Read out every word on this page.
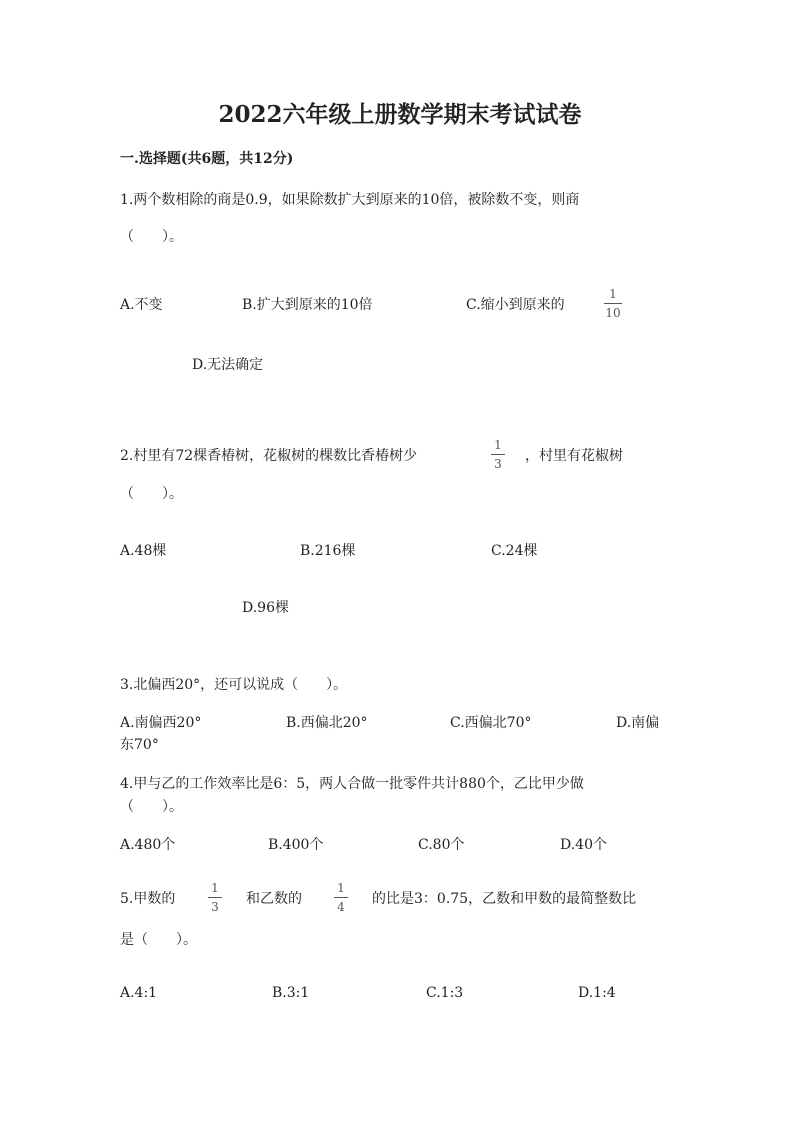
2022六年级上册数学期末考试试卷
一.选择题(共6题，共12分)
1.两个数相除的商是0.9，如果除数扩大到原来的10倍，被除数不变，则商
（　　）。
A.不变	B.扩大到原来的10倍	C.缩小到原来的
1
10
D.无法确定
2.村里有72棵香椿树，花椒树的棵数比香椿树少
1
3 ，村里有花椒树
（　　）。
A.48棵	B.216棵	C.24棵
D.96棵
3.北偏西20°，还可以说成（　　）。
A.南偏西20°	B.西偏北20°	C.西偏北70°	D.南偏
东70°
4.甲与乙的工作效率比是6：5，两人合做一批零件共计880个，乙比甲少做
（　　）。
A.480个	B.400个	C.80个	D.40个
5.甲数的
1
3 和乙数的
1
4 的比是3：0.75，乙数和甲数的最简整数比
是（　　）。
A.4:1	B.3:1	C.1:3	D.1:4
